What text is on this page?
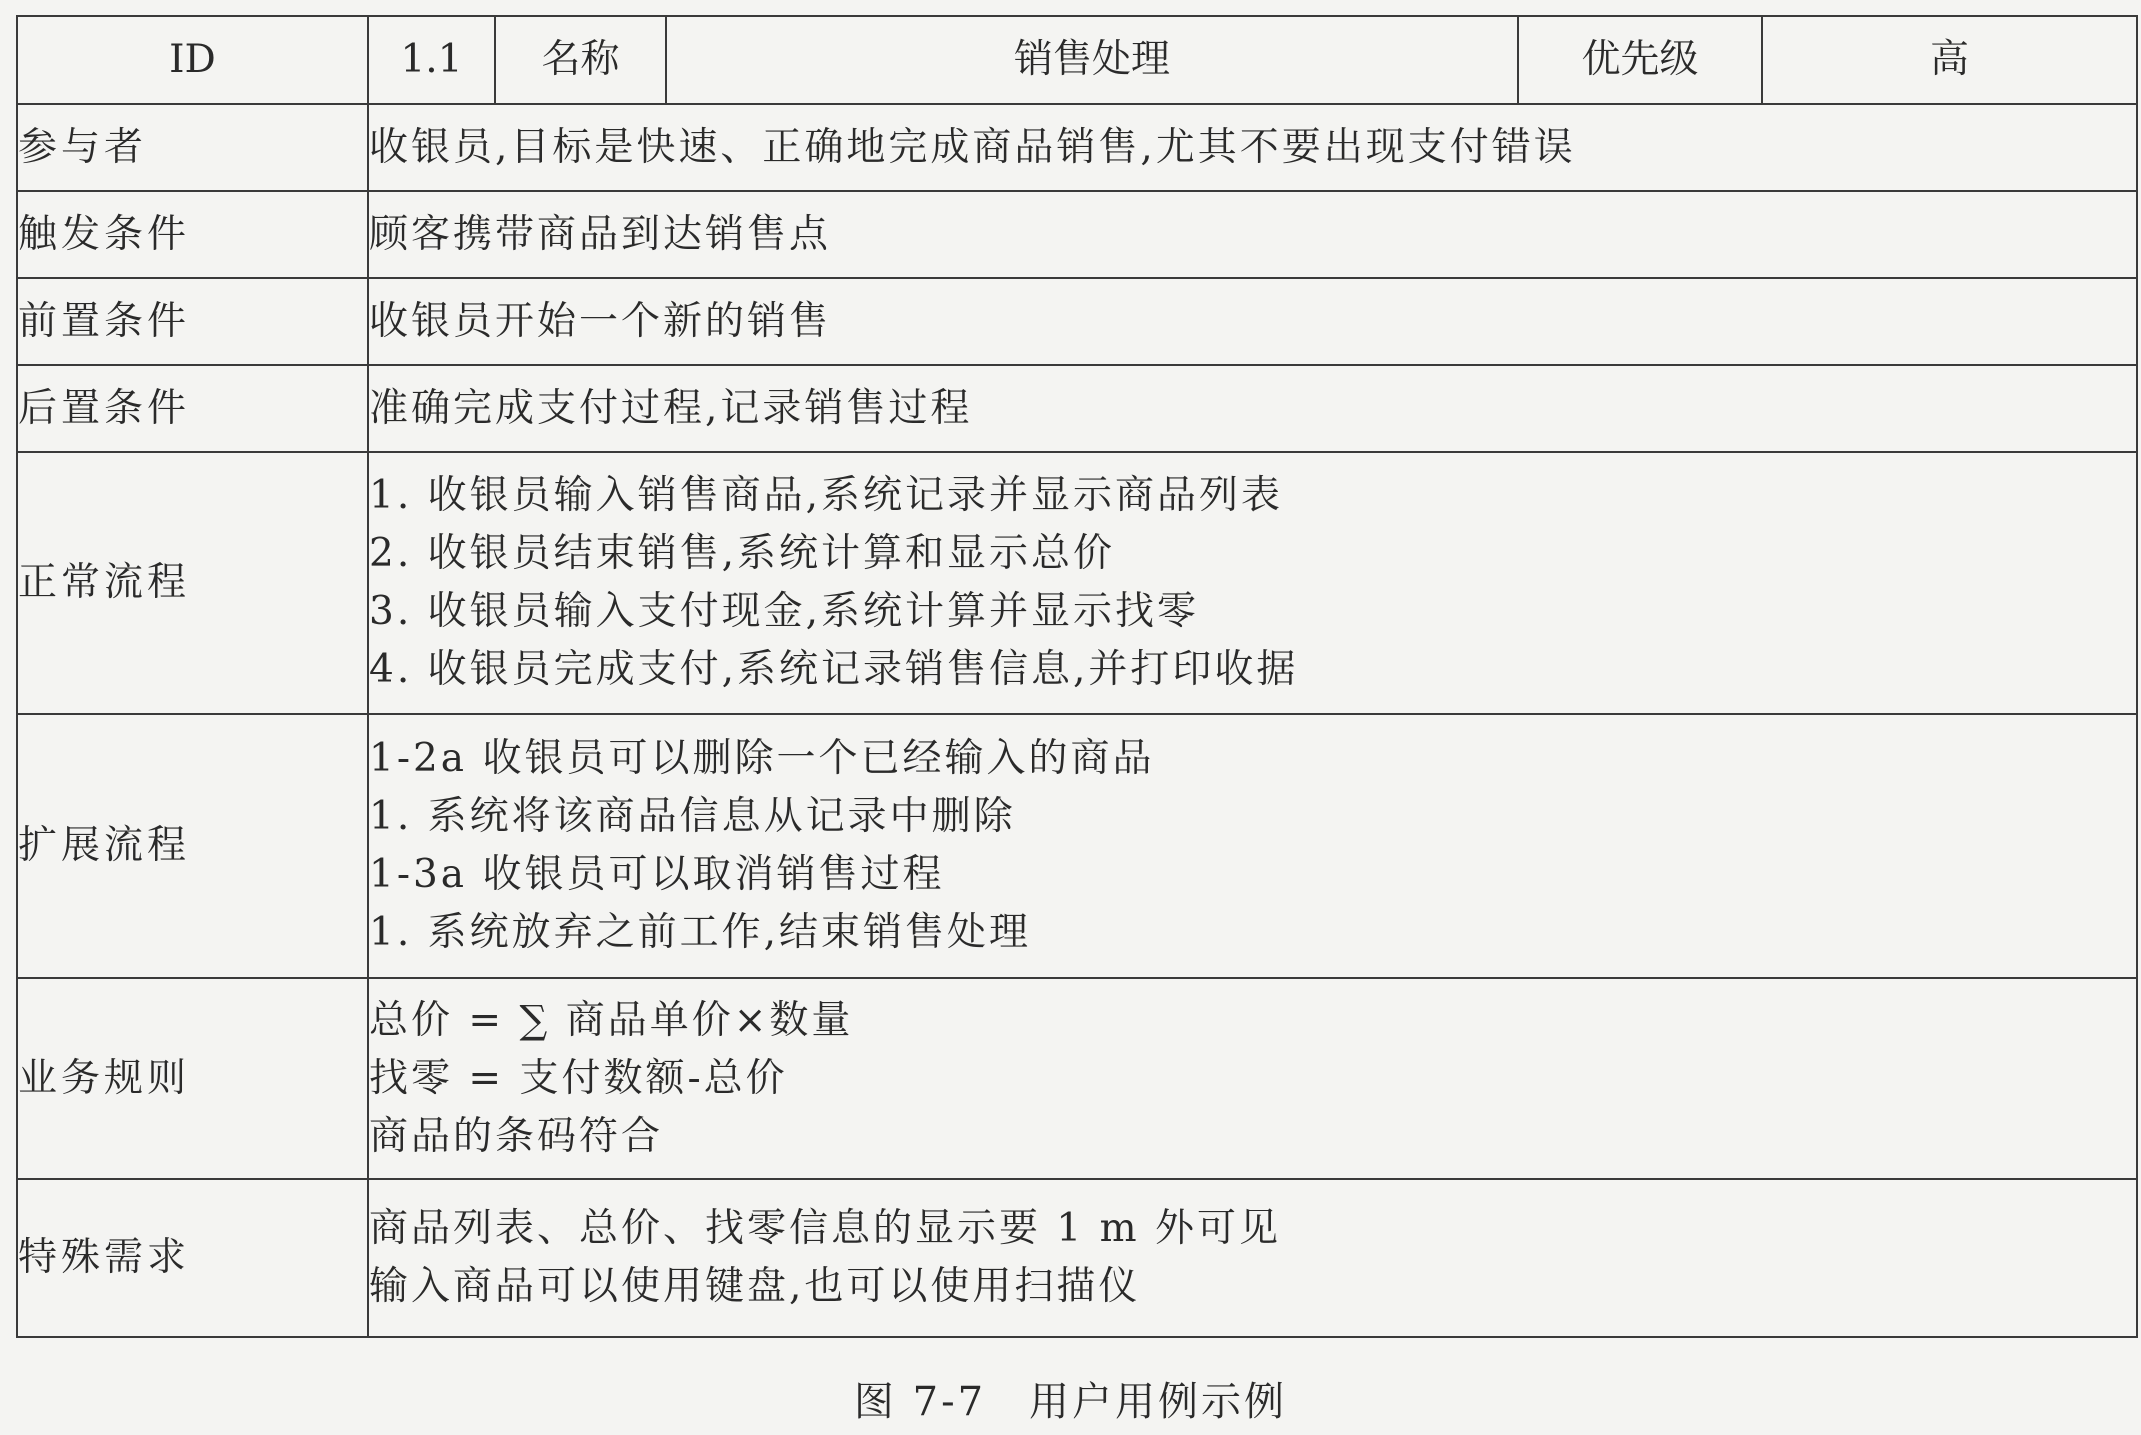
ID	1.1	名称	销售处理	优先级	高
参与者	收银员,目标是快速、正确地完成商品销售,尤其不要出现支付错误				

触发条件	顾客携带商品到达销售点				

前置条件	收银员开始一个新的销售				

后置条件	准确完成支付过程,记录销售过程				

正常流程	1. 收银员输入销售商品,系统记录并显示商品列表
2. 收银员结束销售,系统计算和显示总价
3. 收银员输入支付现金,系统计算并显示找零
4. 收银员完成支付,系统记录销售信息,并打印收据				

扩展流程	1-2a 收银员可以删除一个已经输入的商品
1. 系统将该商品信息从记录中删除
1-3a 收银员可以取消销售过程
1. 系统放弃之前工作,结束销售处理				

业务规则	总价 = ∑ 商品单价×数量
找零 = 支付数额-总价
商品的条码符合				

特殊需求	商品列表、总价、找零信息的显示要 1 m 外可见
输入商品可以使用键盘,也可以使用扫描仪				
图 7-7　用户用例示例
